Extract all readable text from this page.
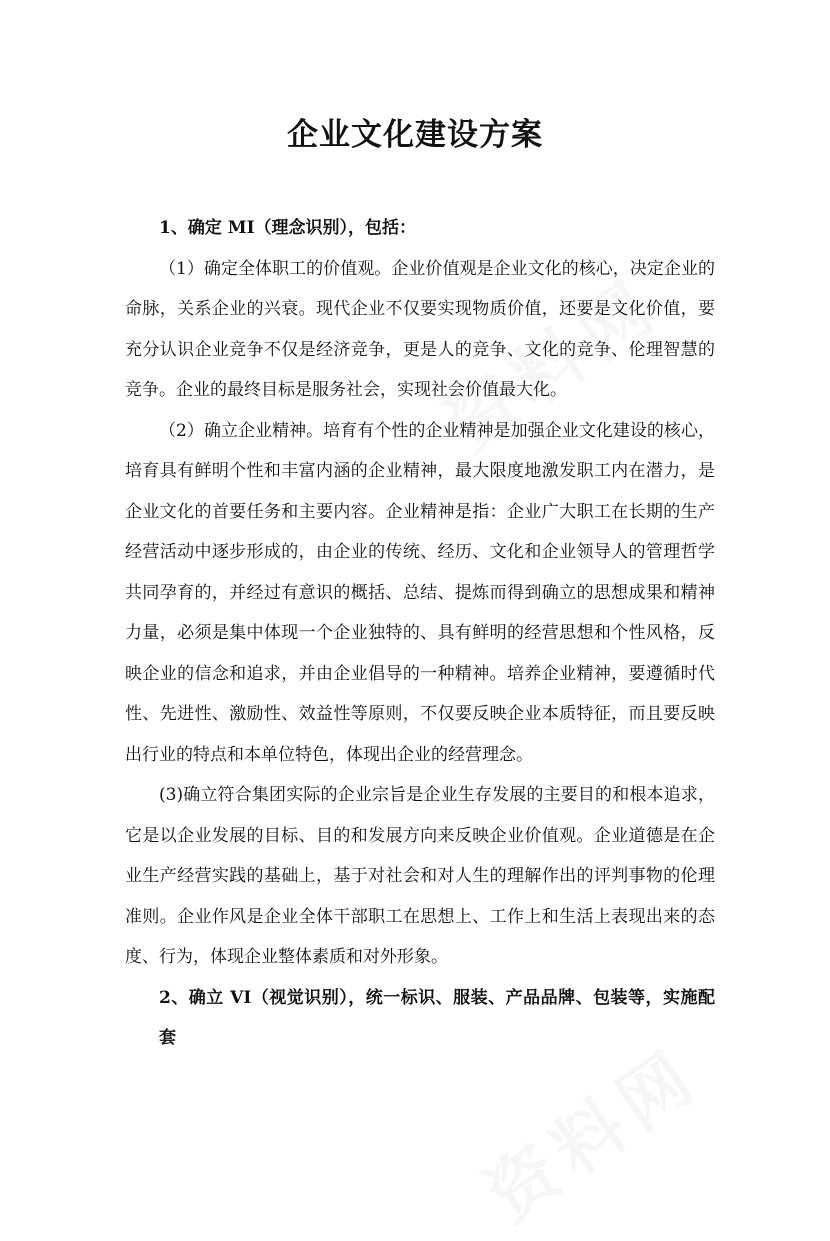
企业文化建设方案
1、确定 MI（理念识别），包括：

（1）确定全体职工的价值观。企业价值观是企业文化的核心，决定企业的命脉，关系企业的兴衰。现代企业不仅要实现物质价值，还要是文化价值，要充分认识企业竞争不仅是经济竞争，更是人的竞争、文化的竞争、伦理智慧的竞争。企业的最终目标是服务社会，实现社会价值最大化。

（2）确立企业精神。培育有个性的企业精神是加强企业文化建设的核心，培育具有鲜明个性和丰富内涵的企业精神，最大限度地激发职工内在潜力，是企业文化的首要任务和主要内容。企业精神是指：企业广大职工在长期的生产经营活动中逐步形成的，由企业的传统、经历、文化和企业领导人的管理哲学共同孕育的，并经过有意识的概括、总结、提炼而得到确立的思想成果和精神力量，必须是集中体现一个企业独特的、具有鲜明的经营思想和个性风格，反映企业的信念和追求，并由企业倡导的一种精神。培养企业精神，要遵循时代性、先进性、激励性、效益性等原则，不仅要反映企业本质特征，而且要反映出行业的特点和本单位特色，体现出企业的经营理念。

(3)确立符合集团实际的企业宗旨是企业生存发展的主要目的和根本追求，它是以企业发展的目标、目的和发展方向来反映企业价值观。企业道德是在企业生产经营实践的基础上，基于对社会和对人生的理解作出的评判事物的伦理准则。企业作风是企业全体干部职工在思想上、工作上和生活上表现出来的态度、行为，体现企业整体素质和对外形象。

2、确立 VI（视觉识别），统一标识、服装、产品品牌、包装等，实施配套
